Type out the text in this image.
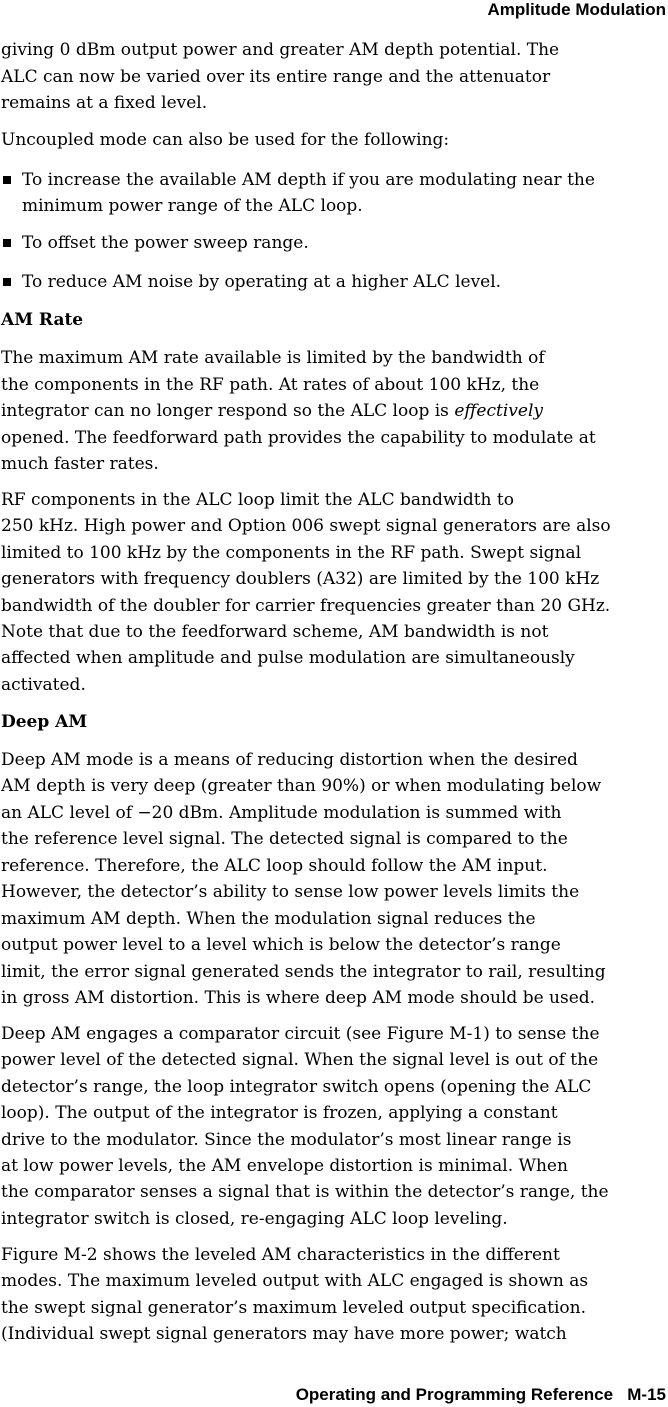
Amplitude Modulation
giving 0 dBm output power and greater AM depth potential. The
ALC can now be varied over its entire range and the attenuator
remains at a fixed level.
Uncoupled mode can also be used for the following:
To increase the available AM depth if you are modulating near the
minimum power range of the ALC loop.
To offset the power sweep range.
To reduce AM noise by operating at a higher ALC level.
AM Rate
The maximum AM rate available is limited by the bandwidth of
the components in the RF path. At rates of about 100 kHz, the
integrator can no longer respond so the ALC loop is effectively
opened. The feedforward path provides the capability to modulate at
much faster rates.
RF components in the ALC loop limit the ALC bandwidth to
250 kHz. High power and Option 006 swept signal generators are also
limited to 100 kHz by the components in the RF path. Swept signal
generators with frequency doublers (A32) are limited by the 100 kHz
bandwidth of the doubler for carrier frequencies greater than 20 GHz.
Note that due to the feedforward scheme, AM bandwidth is not
affected when amplitude and pulse modulation are simultaneously
activated.
Deep AM
Deep AM mode is a means of reducing distortion when the desired
AM depth is very deep (greater than 90%) or when modulating below
an ALC level of −20 dBm. Amplitude modulation is summed with
the reference level signal. The detected signal is compared to the
reference. Therefore, the ALC loop should follow the AM input.
However, the detector’s ability to sense low power levels limits the
maximum AM depth. When the modulation signal reduces the
output power level to a level which is below the detector’s range
limit, the error signal generated sends the integrator to rail, resulting
in gross AM distortion. This is where deep AM mode should be used.
Deep AM engages a comparator circuit (see Figure M-1) to sense the
power level of the detected signal. When the signal level is out of the
detector’s range, the loop integrator switch opens (opening the ALC
loop). The output of the integrator is frozen, applying a constant
drive to the modulator. Since the modulator’s most linear range is
at low power levels, the AM envelope distortion is minimal. When
the comparator senses a signal that is within the detector’s range, the
integrator switch is closed, re-engaging ALC loop leveling.
Figure M-2 shows the leveled AM characteristics in the different
modes. The maximum leveled output with ALC engaged is shown as
the swept signal generator’s maximum leveled output specification.
(Individual swept signal generators may have more power; watch
Operating and Programming Reference M-15
